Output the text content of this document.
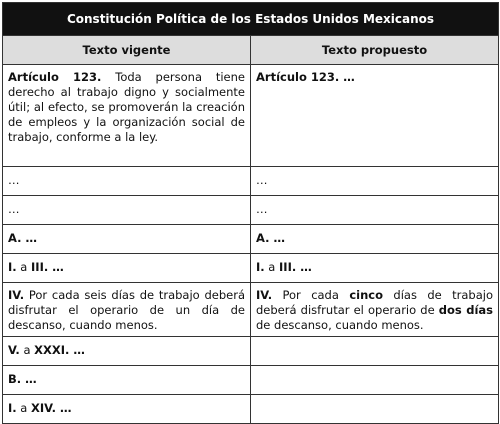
Constitución Política de los Estados Unidos Mexicanos	
Texto vigente	Texto propuesto
Artículo 123. Toda persona tiene derecho al trabajo digno y socialmente útil; al efecto, se promoverán la creación de empleos y la organización social de trabajo, conforme a la ley.	Artículo 123. …
…	…
…	…
A. …	A. …
I. a III. …	I. a III. …
IV. Por cada seis días de trabajo deberá disfrutar el operario de un día de descanso, cuando menos.	IV. Por cada cinco días de trabajo deberá disfrutar el operario de dos días de descanso, cuando menos.
V. a XXXI. …	
B. …	
I. a XIV. …	
